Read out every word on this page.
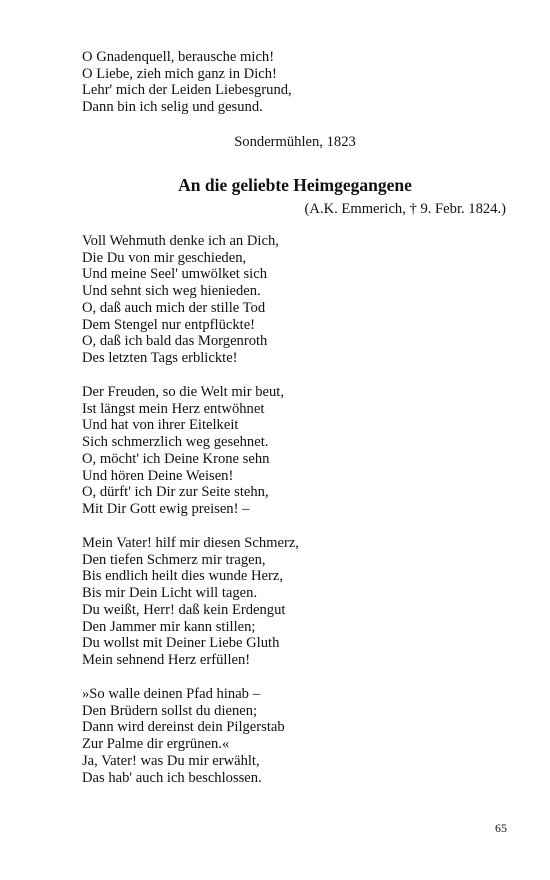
O Gnadenquell, berausche mich!
O Liebe, zieh mich ganz in Dich!
Lehr' mich der Leiden Liebesgrund,
Dann bin ich selig und gesund.
Sondermühlen, 1823
An die geliebte Heimgegangene
(A.K. Emmerich, † 9. Febr. 1824.)
Voll Wehmuth denke ich an Dich,
Die Du von mir geschieden,
Und meine Seel' umwölket sich
Und sehnt sich weg hienieden.
O, daß auch mich der stille Tod
Dem Stengel nur entpflückte!
O, daß ich bald das Morgenroth
Des letzten Tags erblickte!
Der Freuden, so die Welt mir beut,
Ist längst mein Herz entwöhnet
Und hat von ihrer Eitelkeit
Sich schmerzlich weg gesehnet.
O, möcht' ich Deine Krone sehn
Und hören Deine Weisen!
O, dürft' ich Dir zur Seite stehn,
Mit Dir Gott ewig preisen! –
Mein Vater! hilf mir diesen Schmerz,
Den tiefen Schmerz mir tragen,
Bis endlich heilt dies wunde Herz,
Bis mir Dein Licht will tagen.
Du weißt, Herr! daß kein Erdengut
Den Jammer mir kann stillen;
Du wollst mit Deiner Liebe Gluth
Mein sehnend Herz erfüllen!
»So walle deinen Pfad hinab –
Den Brüdern sollst du dienen;
Dann wird dereinst dein Pilgerstab
Zur Palme dir ergrünen.«
Ja, Vater! was Du mir erwählt,
Das hab' auch ich beschlossen.
65
